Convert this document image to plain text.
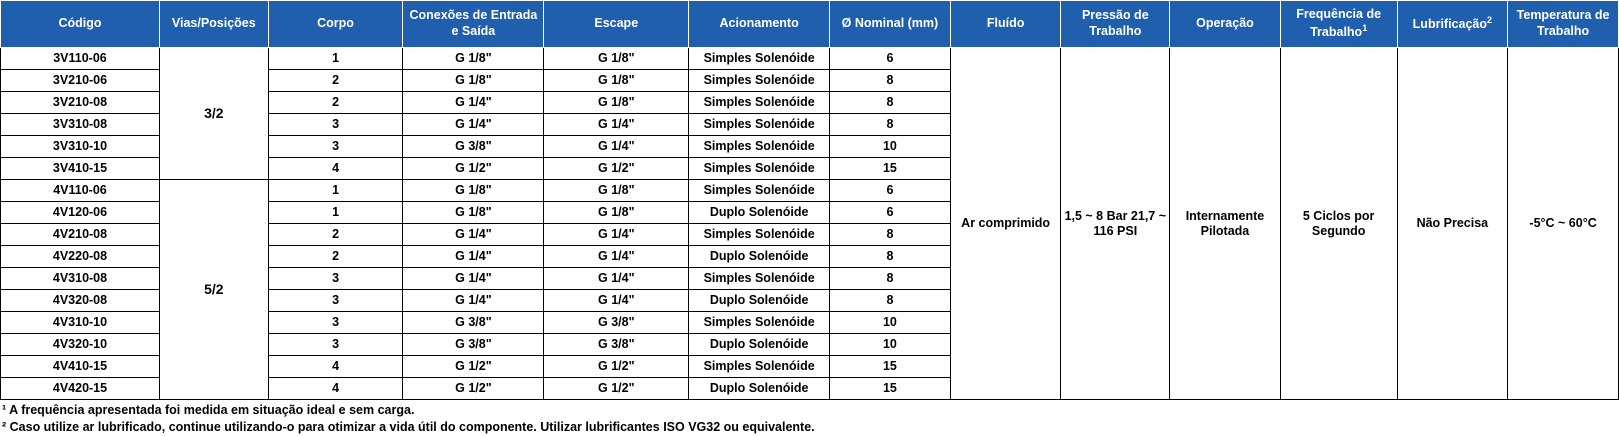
Código	Vias/Posições	Corpo	Conexões de Entrada e Saída	Escape	Acionamento	Ø Nominal (mm)	Fluído	Pressão de Trabalho	Operação	Frequência de Trabalho$^1$	Lubrificação$^2$	Temperatura de Trabalho
3V110-06	3/2	1	G 1/8"	G 1/8"	Simples Solenóide	6	Ar comprimido	1,5 ~ 8 Bar 21,7 ~ 116 PSI	Internamente Pilotada	5 Ciclos por Segundo	Não Precisa	-5°C ~ 60°C
3V210-06		2	G 1/8"	G 1/8"	Simples Solenóide	8						
3V210-08		2	G 1/4"	G 1/8"	Simples Solenóide	8						
3V310-08		3	G 1/4"	G 1/4"	Simples Solenóide	8						
3V310-10		3	G 3/8"	G 1/4"	Simples Solenóide	10						
3V410-15		4	G 1/2"	G 1/2"	Simples Solenóide	15						
4V110-06	5/2	1	G 1/8"	G 1/8"	Simples Solenóide	6						
4V120-06		1	G 1/8"	G 1/8"	Duplo Solenóide	6						
4V210-08		2	G 1/4"	G 1/4"	Simples Solenóide	8						
4V220-08		2	G 1/4"	G 1/4"	Duplo Solenóide	8						
4V310-08		3	G 1/4"	G 1/4"	Simples Solenóide	8						
4V320-08		3	G 1/4"	G 1/4"	Duplo Solenóide	8						
4V310-10		3	G 3/8"	G 3/8"	Simples Solenóide	10						
4V320-10		3	G 3/8"	G 3/8"	Duplo Solenóide	10						
4V410-15		4	G 1/2"	G 1/2"	Simples Solenóide	15						
4V420-15		4	G 1/2"	G 1/2"	Duplo Solenóide	15						
¹ A frequência apresentada foi medida em situação ideal e sem carga.
² Caso utilize ar lubrificado, continue utilizando-o para otimizar a vida útil do componente. Utilizar lubrificantes ISO VG32 ou equivalente.
